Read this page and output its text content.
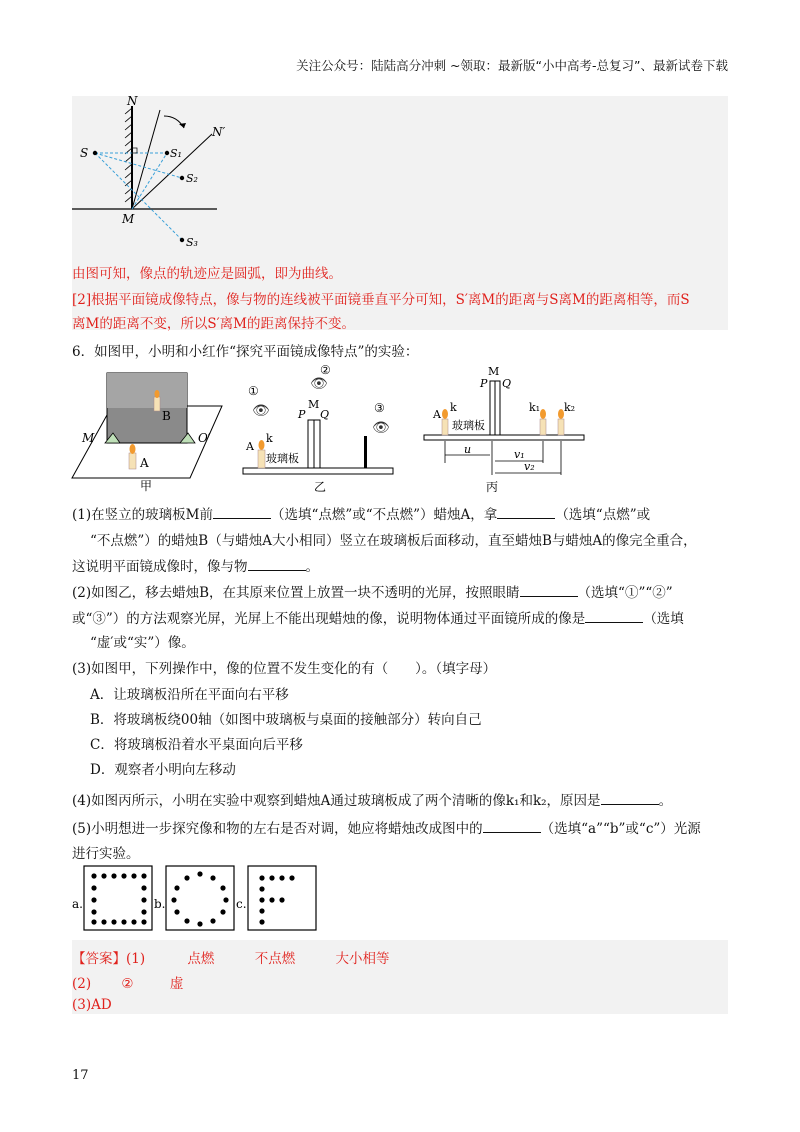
关注公众号：陆陆高分冲刺 ~领取：最新版“小中高考-总复习”、最新试卷下载
N
N′
S	S₁
S₂
S₃
M
由图可知，像点的轨迹应是圆弧，即为曲线。
[2]根据平面镜成像特点，像与物的连线被平面镜垂直平分可知，S′离M的距离与S离M的距离相等，而S
离M的距离不变，所以S′离M的距离保持不变。
6．如图甲，小明和小红作“探究平面镜成像特点”的实验：
B
A
M	O′
甲
①
👁
②
👁
③
👁
M
P Q
A
k
玻璃板
乙
A
k	k₁ k₂
M
P Q
玻璃板
u	v₁
v₂
丙
(1)在竖立的玻璃板M前	（选填“点燃”或“不点燃”）蜡烛A，拿	（选填“点燃”或
“不点燃”）的蜡烛B（与蜡烛A大小相同）竖立在玻璃板后面移动，直至蜡烛B与蜡烛A的像完全重合，
这说明平面镜成像时，像与物	。
(2)如图乙，移去蜡烛B，在其原来位置上放置一块不透明的光屏，按照眼睛	（选填“①”“②”
或“③”）的方法观察光屏，光屏上不能出现蜡烛的像，说明物体通过平面镜所成的像是	（选填
“虚′或“实”）像。
(3)如图甲，下列操作中，像的位置不发生变化的有（　　）。（填字母）
A．让玻璃板沿所在平面向右平移
B．将玻璃板绕00轴（如图中玻璃板与桌面的接触部分）转向自己
C．将玻璃板沿着水平桌面向后平移
D．观察者小明向左移动
(4)如图丙所示，小明在实验中观察到蜡烛A通过玻璃板成了两个清晰的像k₁和k₂，原因是	。
(5)小明想进一步探究像和物的左右是否对调，她应将蜡烛改成图中的	（选填“a”“b”或“c”）光源
进行实验。
a.	b.	c.
【答案】(1)	点燃	不点燃	大小相等
(2) ②	虚
(3)AD
17
